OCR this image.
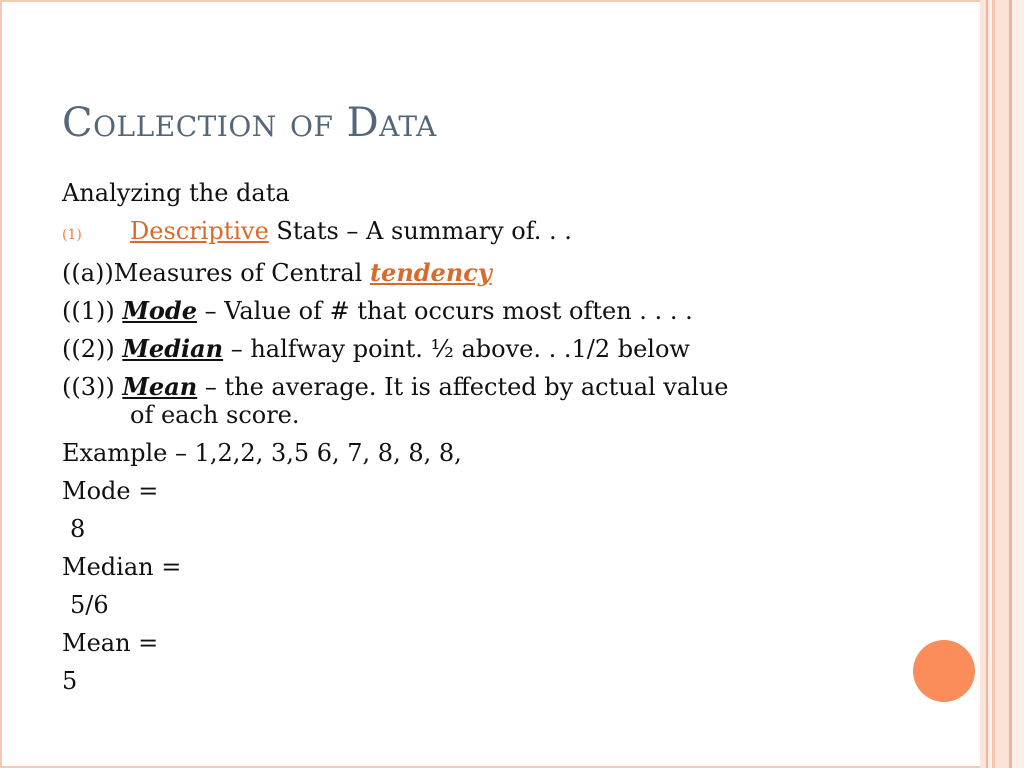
Collection of Data

Analyzing the data

(1)	Descriptive Stats – A summary of. . .

((a))Measures of Central tendency

((1)) Mode – Value of # that occurs most often . . . .

((2)) Median – halfway point. ½ above. . .1/2 below

((3)) Mean – the average. It is affected by actual value

of each score.

Example – 1,2,2, 3,5 6, 7, 8, 8, 8,

Mode =

8

Median =

5/6

Mean =

5
